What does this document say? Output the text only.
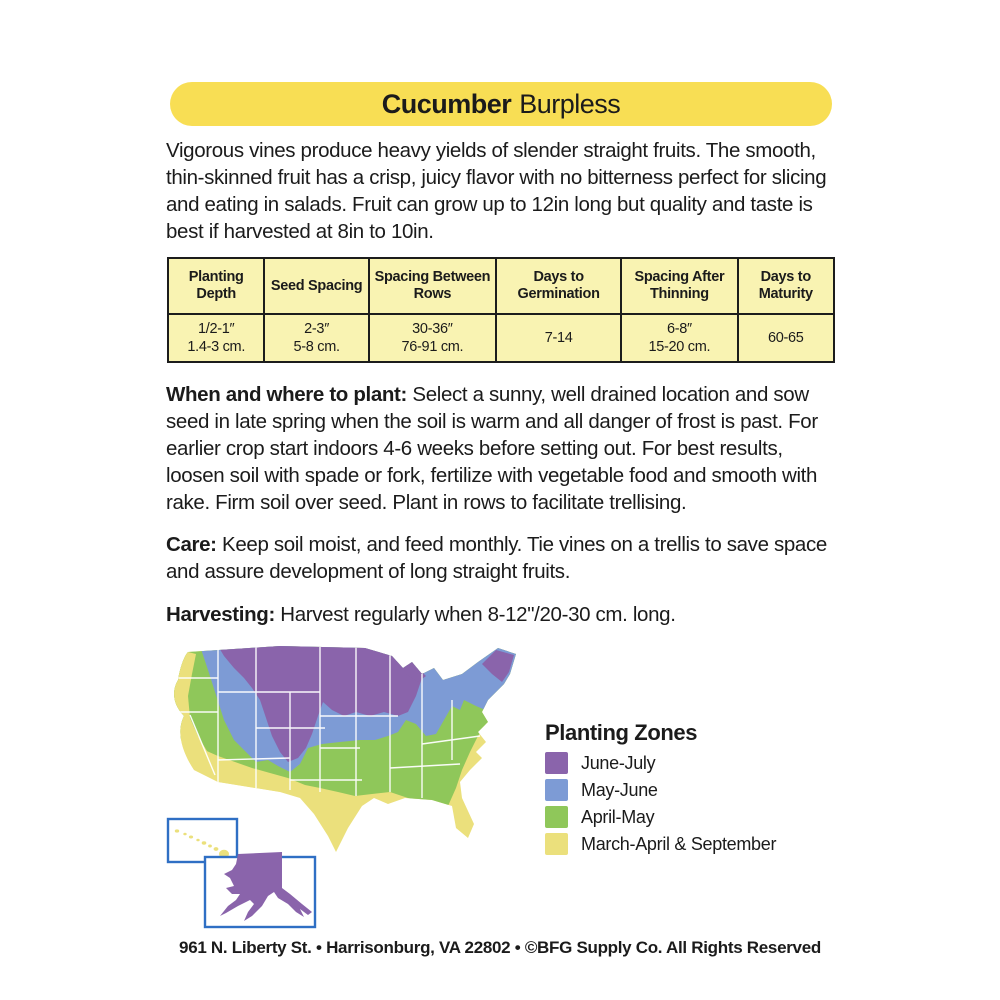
Cucumber Burpless

Vigorous vines produce heavy yields of slender straight fruits. The smooth, thin-skinned fruit has a crisp, juicy flavor with no bitterness perfect for slicing and eating in salads. Fruit can grow up to 12in long but quality and taste is best if harvested at 8in to 10in.

Planting Depth
1/2-1″
1.4-3 cm.
Seed Spacing
2-3″
5-8 cm.
Spacing Between Rows
30-36″
76-91 cm.
Days to Germination
7-14
Spacing After Thinning
6-8″
15-20 cm.
Days to Maturity
60-65

When and where to plant: Select a sunny, well drained location and sow seed in late spring when the soil is warm and all danger of frost is past. For earlier crop start indoors 4-6 weeks before setting out. For best results, loosen soil with spade or fork, fertilize with vegetable food and smooth with rake. Firm soil over seed. Plant in rows to facilitate trellising.

Care: Keep soil moist, and feed monthly. Tie vines on a trellis to save space and assure development of long straight fruits.

Harvesting: Harvest regularly when 8-12"/20-30 cm. long.

Planting Zones
June-July
May-June
April-May
March-April & September
961 N. Liberty St. • Harrisonburg, VA 22802 • ©BFG Supply Co. All Rights Reserved
